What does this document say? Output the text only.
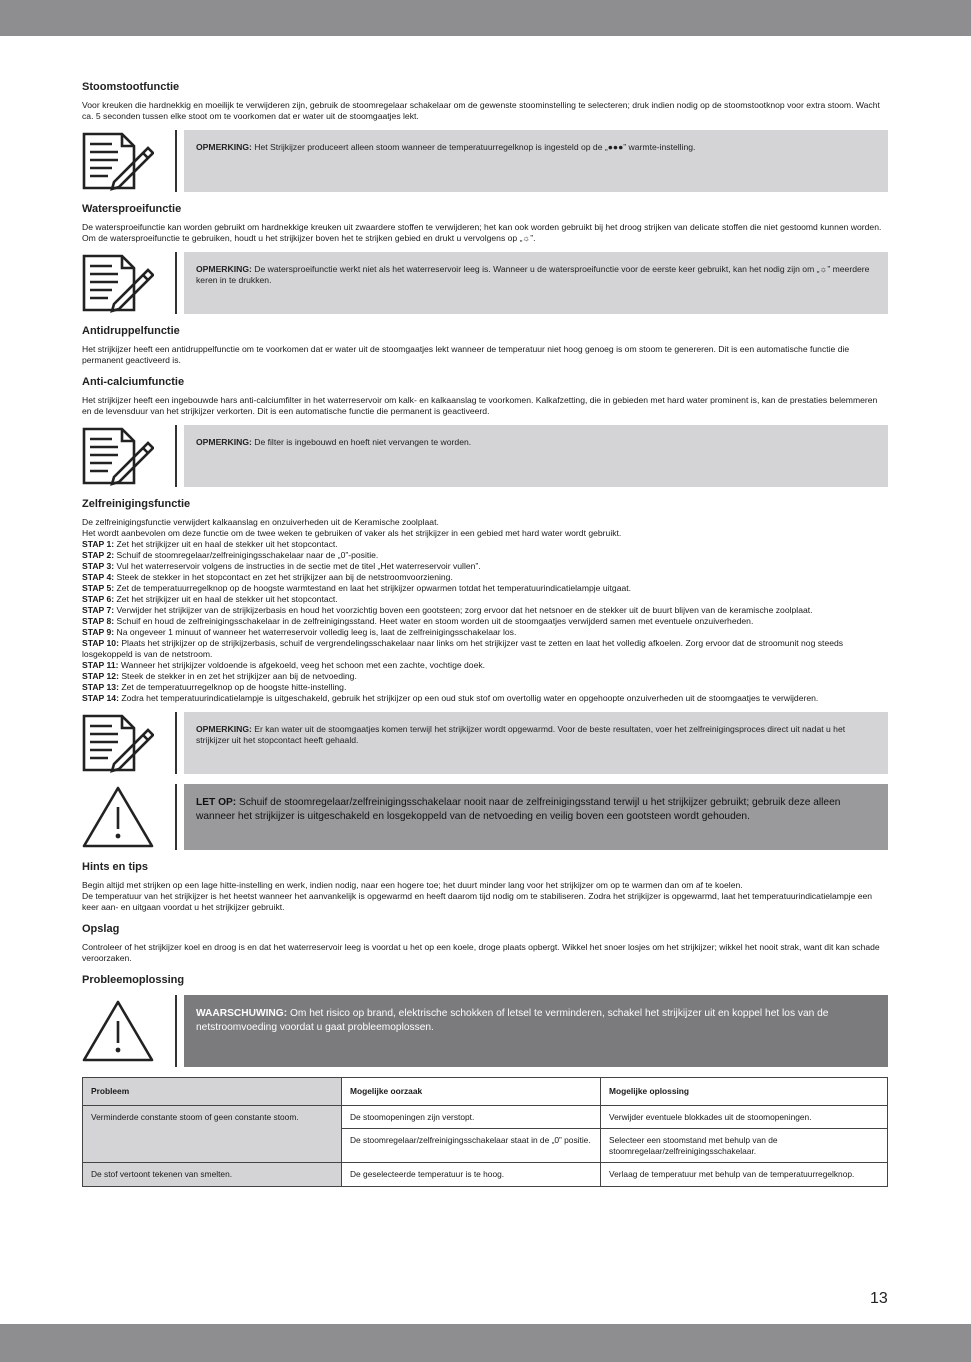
Stoomstootfunctie

Voor kreuken die hardnekkig en moeilijk te verwijderen zijn, gebruik de stoomregelaar schakelaar om de gewenste stoominstelling te selecteren; druk indien nodig op de stoomstootknop voor extra stoom. Wacht ca. 5 seconden tussen elke stoot om te voorkomen dat er water uit de stoomgaatjes lekt.

OPMERKING: Het Strijkijzer produceert alleen stoom wanneer de temperatuurregelknop is ingesteld op de „●●●” warmte-instelling.
Watersproeifunctie

De watersproeifunctie kan worden gebruikt om hardnekkige kreuken uit zwaardere stoffen te verwijderen; het kan ook worden gebruikt bij het droog strijken van delicate stoffen die niet gestoomd kunnen worden.

Om de watersproeifunctie te gebruiken, houdt u het strijkijzer boven het te strijken gebied en drukt u vervolgens op „☼”.

OPMERKING: De watersproeifunctie werkt niet als het waterreservoir leeg is. Wanneer u de watersproeifunctie voor de eerste keer gebruikt, kan het nodig zijn om „☼” meerdere keren in te drukken.
Antidruppelfunctie

Het strijkijzer heeft een antidruppelfunctie om te voorkomen dat er water uit de stoomgaatjes lekt wanneer de temperatuur niet hoog genoeg is om stoom te genereren. Dit is een automatische functie die permanent geactiveerd is.

Anti-calciumfunctie

Het strijkijzer heeft een ingebouwde hars anti-calciumfilter in het waterreservoir om kalk- en kalkaanslag te voorkomen. Kalkafzetting, die in gebieden met hard water prominent is, kan de prestaties belemmeren en de levensduur van het strijkijzer verkorten. Dit is een automatische functie die permanent is geactiveerd.

OPMERKING: De filter is ingebouwd en hoeft niet vervangen te worden.
Zelfreinigingsfunctie

De zelfreinigingsfunctie verwijdert kalkaanslag en onzuiverheden uit de Keramische zoolplaat.

Het wordt aanbevolen om deze functie om de twee weken te gebruiken of vaker als het strijkijzer in een gebied met hard water wordt gebruikt.

STAP 1: Zet het strijkijzer uit en haal de stekker uit het stopcontact.

STAP 2: Schuif de stoomregelaar/zelfreinigingsschakelaar naar de „0”-positie.

STAP 3: Vul het waterreservoir volgens de instructies in de sectie met de titel „Het waterreservoir vullen”.

STAP 4: Steek de stekker in het stopcontact en zet het strijkijzer aan bij de netstroomvoorziening.

STAP 5: Zet de temperatuurregelknop op de hoogste warmtestand en laat het strijkijzer opwarmen totdat het temperatuurindicatielampje uitgaat.

STAP 6: Zet het strijkijzer uit en haal de stekker uit het stopcontact.

STAP 7: Verwijder het strijkijzer van de strijkijzerbasis en houd het voorzichtig boven een gootsteen; zorg ervoor dat het netsnoer en de stekker uit de buurt blijven van de keramische zoolplaat.

STAP 8: Schuif en houd de zelfreinigingsschakelaar in de zelfreinigingsstand. Heet water en stoom worden uit de stoomgaatjes verwijderd samen met eventuele onzuiverheden.

STAP 9: Na ongeveer 1 minuut of wanneer het waterreservoir volledig leeg is, laat de zelfreinigingsschakelaar los.

STAP 10: Plaats het strijkijzer op de strijkijzerbasis, schuif de vergrendelingsschakelaar naar links om het strijkijzer vast te zetten en laat het volledig afkoelen. Zorg ervoor dat de stroomunit nog steeds losgekoppeld is van de netstroom.

STAP 11: Wanneer het strijkijzer voldoende is afgekoeld, veeg het schoon met een zachte, vochtige doek.

STAP 12: Steek de stekker in en zet het strijkijzer aan bij de netvoeding.

STAP 13: Zet de temperatuurregelknop op de hoogste hitte-instelling.

STAP 14: Zodra het temperatuurindicatielampje is uitgeschakeld, gebruik het strijkijzer op een oud stuk stof om overtollig water en opgehoopte onzuiverheden uit de stoomgaatjes te verwijderen.

OPMERKING: Er kan water uit de stoomgaatjes komen terwijl het strijkijzer wordt opgewarmd. Voor de beste resultaten, voer het zelfreinigingsproces direct uit nadat u het strijkijzer uit het stopcontact heeft gehaald.
LET OP: Schuif de stoomregelaar/zelfreinigingsschakelaar nooit naar de zelfreinigingsstand terwijl u het strijkijzer gebruikt; gebruik deze alleen wanneer het strijkijzer is uitgeschakeld en losgekoppeld van de netvoeding en veilig boven een gootsteen wordt gehouden.
Hints en tips

Begin altijd met strijken op een lage hitte-instelling en werk, indien nodig, naar een hogere toe; het duurt minder lang voor het strijkijzer om op te warmen dan om af te koelen.

De temperatuur van het strijkijzer is het heetst wanneer het aanvankelijk is opgewarmd en heeft daarom tijd nodig om te stabiliseren. Zodra het strijkijzer is opgewarmd, laat het temperatuurindicatielampje een keer aan- en uitgaan voordat u het strijkijzer gebruikt.

Opslag

Controleer of het strijkijzer koel en droog is en dat het waterreservoir leeg is voordat u het op een koele, droge plaats opbergt. Wikkel het snoer losjes om het strijkijzer; wikkel het nooit strak, want dit kan schade veroorzaken.

Probleemoplossing
WAARSCHUWING: Om het risico op brand, elektrische schokken of letsel te verminderen, schakel het strijkijzer uit en koppel het los van de netstroomvoeding voordat u gaat probleemoplossen.
Probleem	Mogelijke oorzaak	Mogelijke oplossing
Verminderde constante stoom of geen constante stoom.	De stoomopeningen zijn verstopt.	Verwijder eventuele blokkades uit de stoomopeningen.
	De stoomregelaar/zelfreinigingsschakelaar staat in de „0” positie.	Selecteer een stoomstand met behulp van de stoomregelaar/zelfreinigingsschakelaar.
De stof vertoont tekenen van smelten.	De geselecteerde temperatuur is te hoog.	Verlaag de temperatuur met behulp van de temperatuurregelknop.
13
